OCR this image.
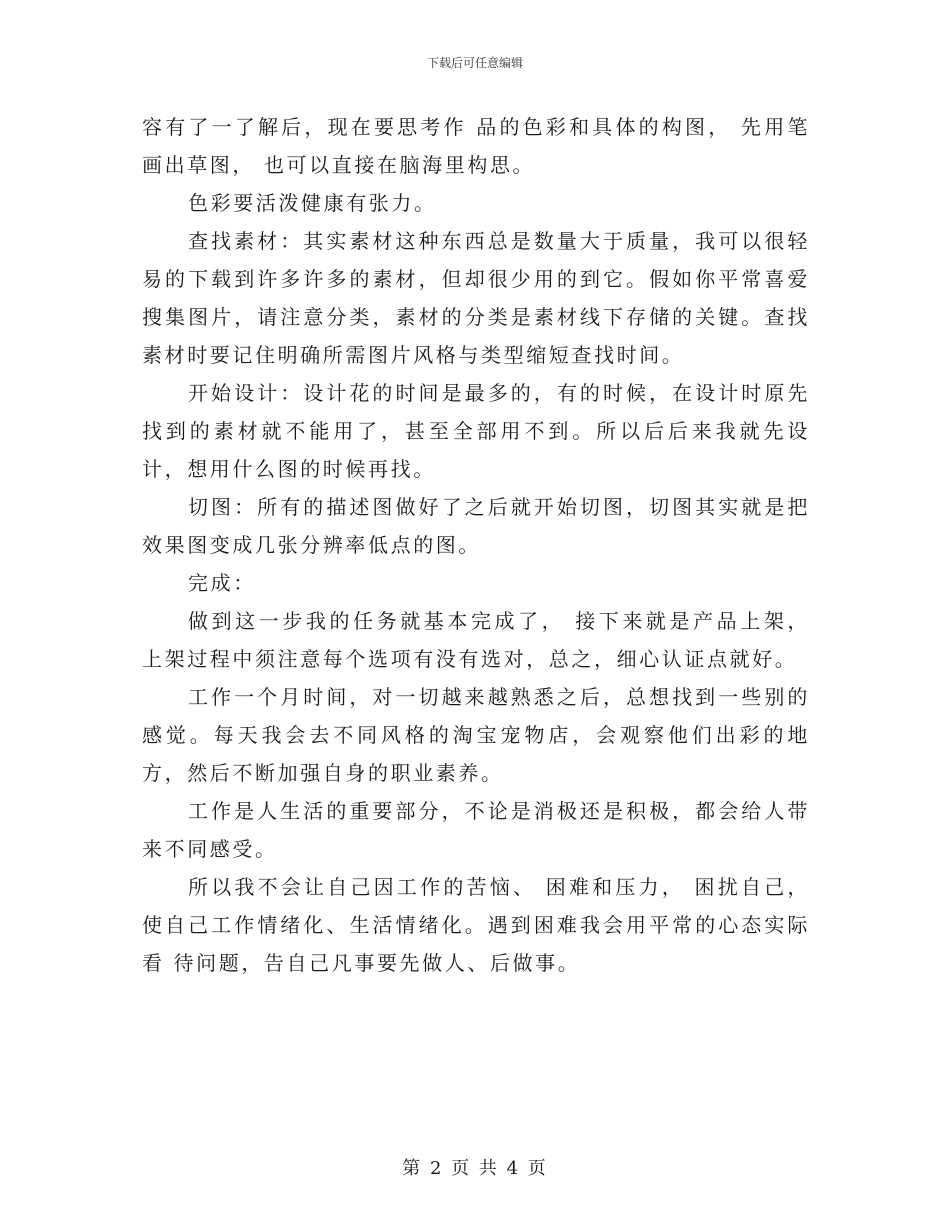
下载后可任意编辑

容有了一了解后，现在要思考作 品的色彩和具体的构图， 先用笔画出草图， 也可以直接在脑海里构思。

色彩要活泼健康有张力。

查找素材：其实素材这种东西总是数量大于质量，我可以很轻易的下载到许多许多的素材，但却很少用的到它。假如你平常喜爱搜集图片，请注意分类，素材的分类是素材线下存储的关键。查找素材时要记住明确所需图片风格与类型缩短查找时间。

开始设计：设计花的时间是最多的，有的时候，在设计时原先找到的素材就不能用了，甚至全部用不到。所以后后来我就先设计，想用什么图的时候再找。

切图：所有的描述图做好了之后就开始切图，切图其实就是把效果图变成几张分辨率低点的图。

完成：

做到这一步我的任务就基本完成了， 接下来就是产品上架， 上架过程中须注意每个选项有没有选对，总之，细心认证点就好。

工作一个月时间，对一切越来越熟悉之后，总想找到一些别的感觉。每天我会去不同风格的淘宝宠物店，会观察他们出彩的地方，然后不断加强自身的职业素养。

工作是人生活的重要部分，不论是消极还是积极，都会给人带来不同感受。

所以我不会让自己因工作的苦恼、 困难和压力， 困扰自己， 使自己工作情绪化、生活情绪化。遇到困难我会用平常的心态实际看 待问题，告自己凡事要先做人、后做事。

第 2 页 共 4 页
